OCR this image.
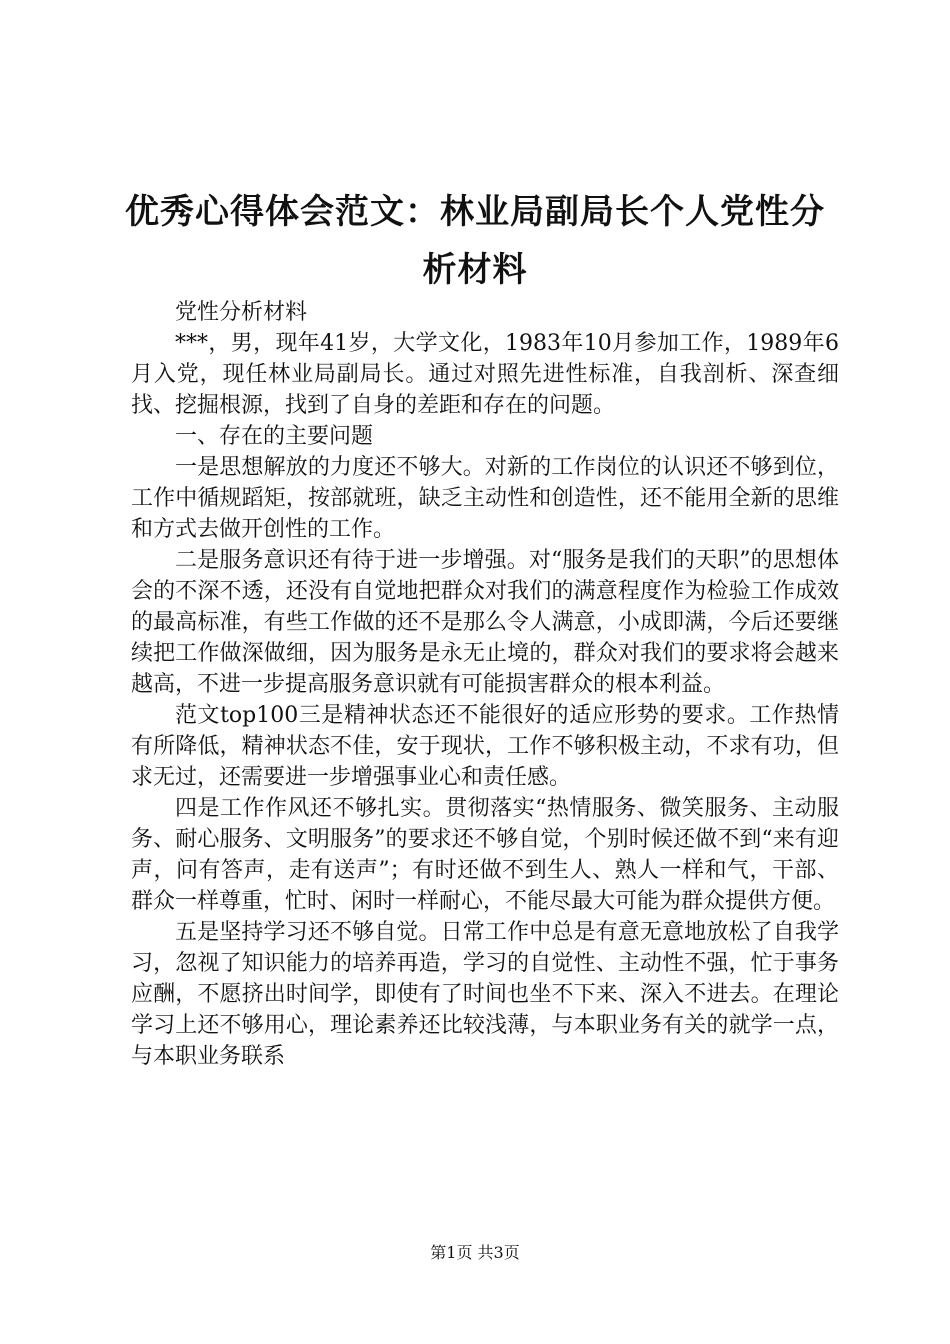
优秀心得体会范文：林业局副局长个人党性分析材料

党性分析材料

***，男，现年41岁，大学文化，1983年10月参加工作，1989年6月入党，现任林业局副局长。通过对照先进性标准，自我剖析、深查细找、挖掘根源，找到了自身的差距和存在的问题。

一、存在的主要问题

一是思想解放的力度还不够大。对新的工作岗位的认识还不够到位，工作中循规蹈矩，按部就班，缺乏主动性和创造性，还不能用全新的思维和方式去做开创性的工作。

二是服务意识还有待于进一步增强。对“服务是我们的天职”的思想体会的不深不透，还没有自觉地把群众对我们的满意程度作为检验工作成效的最高标准，有些工作做的还不是那么令人满意，小成即满，今后还要继续把工作做深做细，因为服务是永无止境的，群众对我们的要求将会越来越高，不进一步提高服务意识就有可能损害群众的根本利益。

范文top100三是精神状态还不能很好的适应形势的要求。工作热情有所降低，精神状态不佳，安于现状，工作不够积极主动，不求有功，但求无过，还需要进一步增强事业心和责任感。

四是工作作风还不够扎实。贯彻落实“热情服务、微笑服务、主动服务、耐心服务、文明服务”的要求还不够自觉，个别时候还做不到“来有迎声，问有答声，走有送声”；有时还做不到生人、熟人一样和气，干部、群众一样尊重，忙时、闲时一样耐心，不能尽最大可能为群众提供方便。

五是坚持学习还不够自觉。日常工作中总是有意无意地放松了自我学习，忽视了知识能力的培养再造，学习的自觉性、主动性不强，忙于事务应酬，不愿挤出时间学，即使有了时间也坐不下来、深入不进去。在理论学习上还不够用心，理论素养还比较浅薄，与本职业务有关的就学一点，与本职业务联系

第1页 共3页
